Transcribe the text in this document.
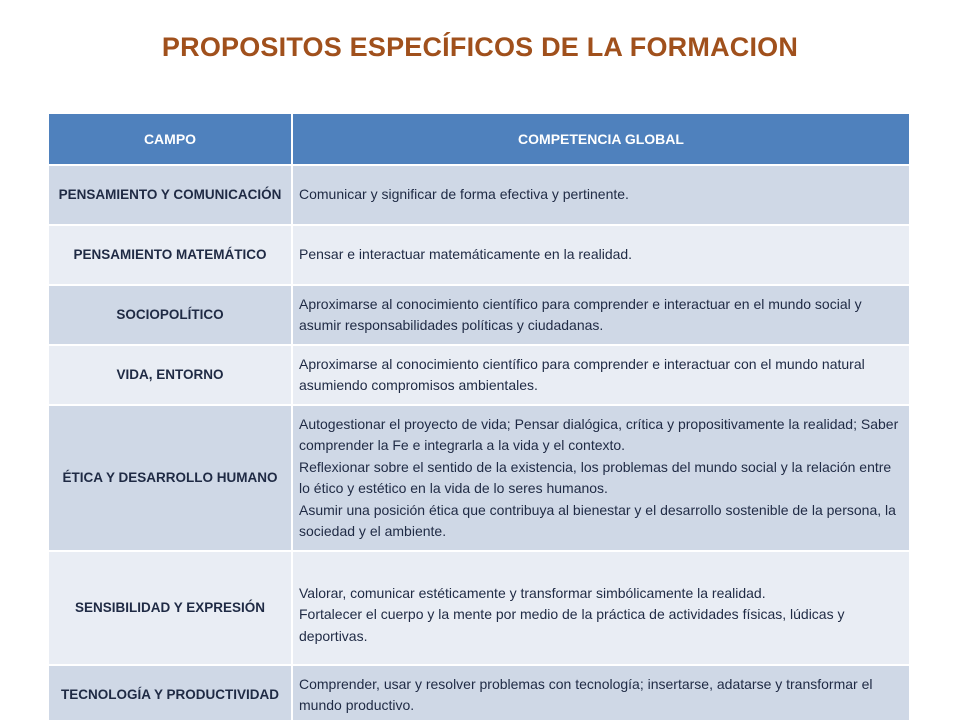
PROPOSITOS ESPECÍFICOS DE LA FORMACION
CAMPO	COMPETENCIA GLOBAL
PENSAMIENTO Y COMUNICACIÓN	Comunicar y significar de forma efectiva y pertinente.
PENSAMIENTO MATEMÁTICO	Pensar e interactuar matemáticamente en la realidad.
SOCIOPOLÍTICO	Aproximarse al conocimiento científico para comprender e interactuar en el mundo social y asumir responsabilidades políticas y ciudadanas.
VIDA, ENTORNO	Aproximarse al conocimiento científico para comprender e interactuar con el mundo natural asumiendo compromisos ambientales.
ÉTICA Y DESARROLLO HUMANO	Autogestionar el proyecto de vida; Pensar dialógica, crítica y propositivamente la realidad; Saber comprender la Fe e integrarla a la vida y el contexto.
Reflexionar sobre el sentido de la existencia, los problemas del mundo social y la relación entre lo ético y estético en la vida de lo seres humanos.
Asumir una posición ética que contribuya al bienestar y el desarrollo sostenible de la persona, la sociedad y el ambiente.
SENSIBILIDAD Y EXPRESIÓN	Valorar, comunicar estéticamente y transformar simbólicamente la realidad.
Fortalecer el cuerpo y la mente por medio de la práctica de actividades físicas, lúdicas y deportivas.
TECNOLOGÍA Y PRODUCTIVIDAD	Comprender, usar y resolver problemas con tecnología; insertarse, adatarse y transformar el mundo productivo.
